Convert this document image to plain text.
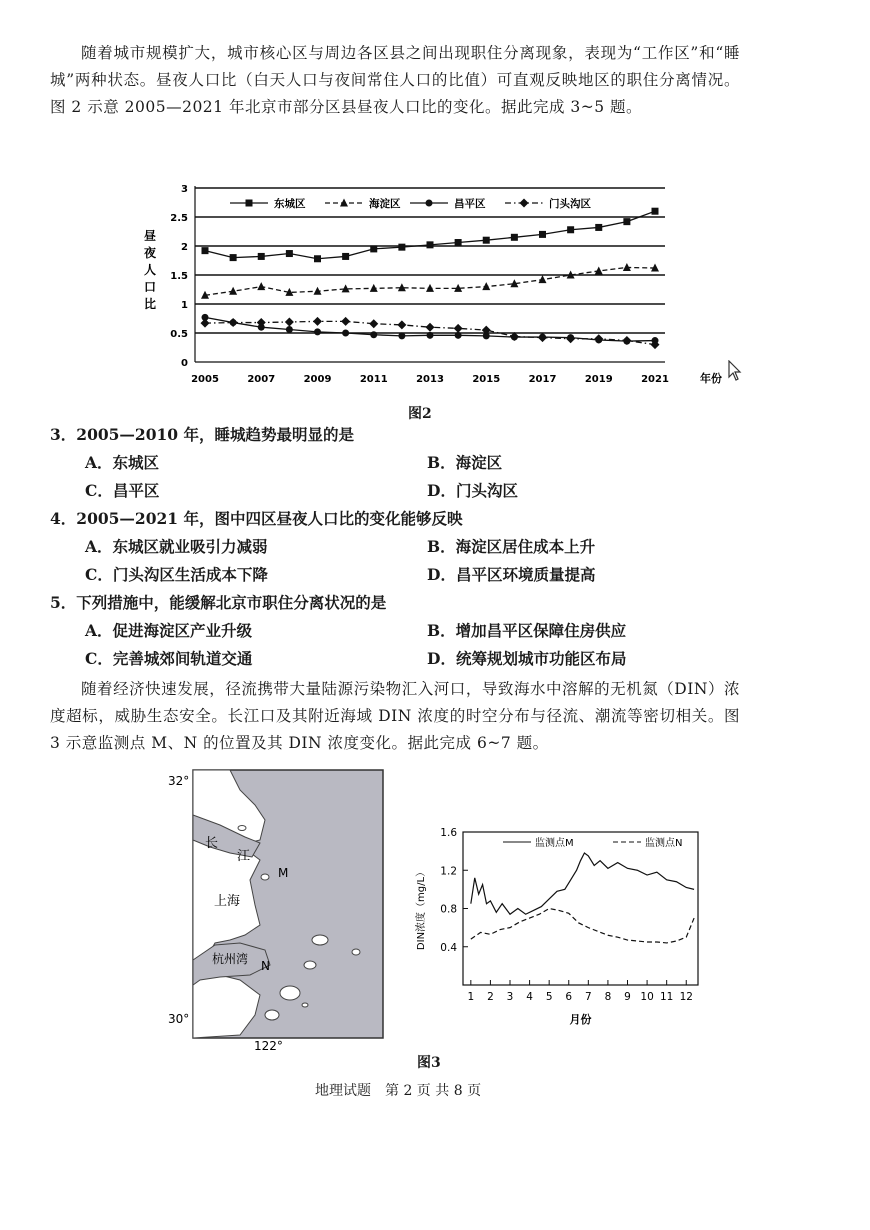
随着城市规模扩大，城市核心区与周边各区县之间出现职住分离现象，表现为“工作区”和“睡城”两种状态。昼夜人口比（白天人口与夜间常住人口的比值）可直观反映地区的职住分离情况。图 2 示意 2005—2021 年北京市部分区县昼夜人口比的变化。据此完成 3~5 题。

0
0.5
1
1.5
2
2.5
3
2005	2007	2009	2011	2013	2015	2017	2019	2021	年份
昼
夜
人
口
比
东城区	海淀区	昌平区	门头沟区
图2
3．2005—2010 年，睡城趋势最明显的是
A．东城区	B．海淀区
C．昌平区	D．门头沟区
4．2005—2021 年，图中四区昼夜人口比的变化能够反映
A．东城区就业吸引力减弱	B．海淀区居住成本上升
C．门头沟区生活成本下降	D．昌平区环境质量提高
5．下列措施中，能缓解北京市职住分离状况的是
A．促进海淀区产业升级	B．增加昌平区保障住房供应
C．完善城郊间轨道交通	D．统筹规划城市功能区布局

随着经济快速发展，径流携带大量陆源污染物汇入河口，导致海水中溶解的无机氮（DIN）浓度超标，威胁生态安全。长江口及其附近海域 DIN 浓度的时空分布与径流、潮流等密切相关。图 3 示意监测点 M、N 的位置及其 DIN 浓度变化。据此完成 6~7 题。

32°
30°
122°
长
江
M
上海
杭州湾 N
0.4
0.8
1.2
1.6
1 2 3 4 5 6 7 8 9 10 11 12
月份
DIN浓度（mg/L）
监测点M	监测点N
图3
地理试题　第 2 页 共 8 页
